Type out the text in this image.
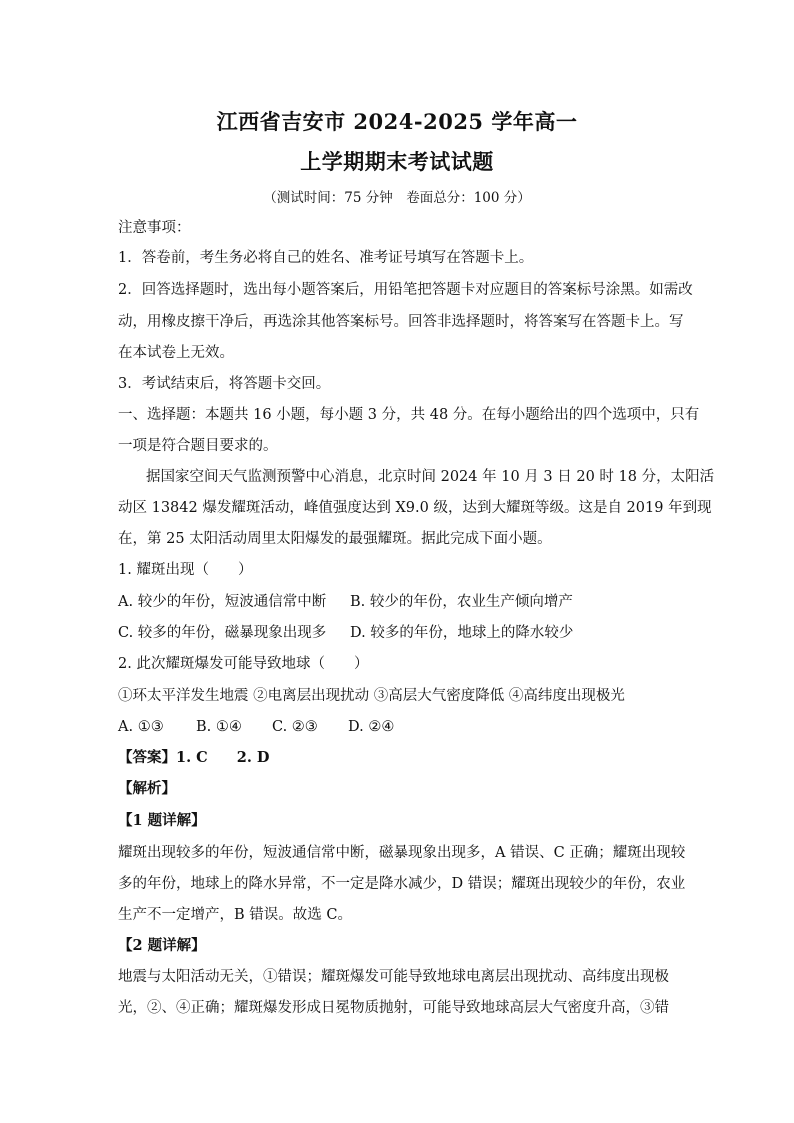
江西省吉安市 2024-2025 学年高一
上学期期末考试试题
（测试时间：75 分钟　卷面总分：100 分）
注意事项：
1．答卷前，考生务必将自己的姓名、准考证号填写在答题卡上。
2．回答选择题时，选出每小题答案后，用铅笔把答题卡对应题目的答案标号涂黑。如需改
动，用橡皮擦干净后，再选涂其他答案标号。回答非选择题时，将答案写在答题卡上。写
在本试卷上无效。
3．考试结束后，将答题卡交回。
一、选择题：本题共 16 小题，每小题 3 分，共 48 分。在每小题给出的四个选项中，只有
一项是符合题目要求的。
据国家空间天气监测预警中心消息，北京时间 2024 年 10 月 3 日 20 时 18 分，太阳活
动区 13842 爆发耀斑活动，峰值强度达到 X9.0 级，达到大耀斑等级。这是自 2019 年到现
在，第 25 太阳活动周里太阳爆发的最强耀斑。据此完成下面小题。
1. 耀斑出现（　　）
A. 较少的年份，短波通信常中断 B. 较少的年份，农业生产倾向增产
C. 较多的年份，磁暴现象出现多 D. 较多的年份，地球上的降水较少
2. 此次耀斑爆发可能导致地球（　　）
①环太平洋发生地震 ②电离层出现扰动 ③高层大气密度降低 ④高纬度出现极光
A. ①③ B. ①④ C. ②③ D. ②④
【答案】1. C　　2. D
【解析】
【1 题详解】
耀斑出现较多的年份，短波通信常中断，磁暴现象出现多，A 错误、C 正确；耀斑出现较
多的年份，地球上的降水异常，不一定是降水减少，D 错误；耀斑出现较少的年份，农业
生产不一定增产，B 错误。故选 C。
【2 题详解】
地震与太阳活动无关，①错误；耀斑爆发可能导致地球电离层出现扰动、高纬度出现极
光，②、④正确；耀斑爆发形成日冕物质抛射，可能导致地球高层大气密度升高，③错
